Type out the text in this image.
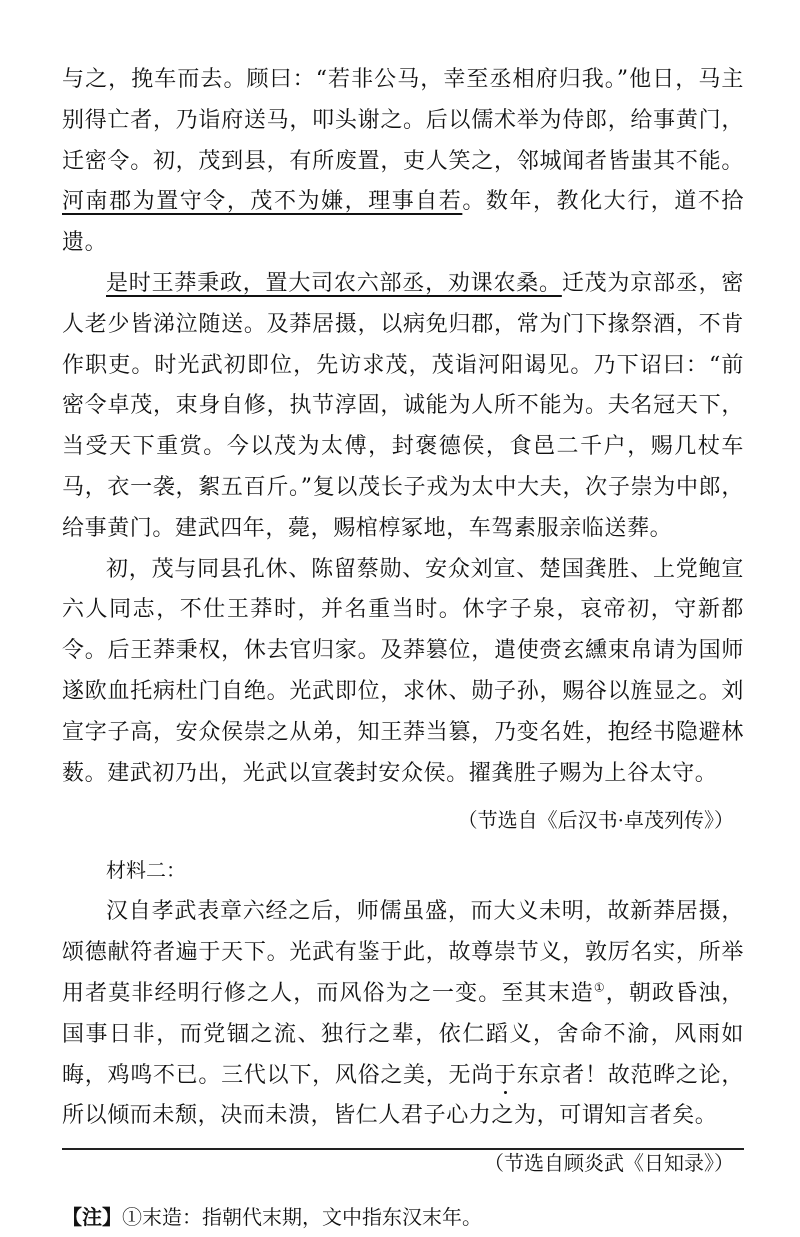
与之，挽车而去。顾曰：“若非公马，幸至丞相府归我。”他日，马主别得亡者，乃诣府送马，叩头谢之。后以儒术举为侍郎，给事黄门，迁密令。初，茂到县，有所废置，吏人笑之，邻城闻者皆蚩其不能。河南郡为置守令，茂不为嫌，理事自若。数年，教化大行，道不拾遗。

是时王莽秉政，置大司农六部丞，劝课农桑。迁茂为京部丞，密人老少皆涕泣随送。及莽居摄，以病免归郡，常为门下掾祭酒，不肯作职吏。时光武初即位，先访求茂，茂诣河阳谒见。乃下诏曰：“前密令卓茂，束身自修，执节淳固，诚能为人所不能为。夫名冠天下，当受天下重赏。今以茂为太傅，封褒德侯，食邑二千户，赐几杖车马，衣一袭，絮五百斤。”复以茂长子戎为太中大夫，次子崇为中郎，给事黄门。建武四年，薨，赐棺椁冢地，车驾素服亲临送葬。

初，茂与同县孔休、陈留蔡勋、安众刘宣、楚国龚胜、上党鲍宣六人同志，不仕王莽时，并名重当时。休字子泉，哀帝初，守新都令。后王莽秉权，休去官归家。及莽篡位，遣使赍玄纁束帛请为国师遂欧血托病杜门自绝。光武即位，求休、勋子孙，赐谷以旌显之。刘宣字子高，安众侯崇之从弟，知王莽当篡，乃变名姓，抱经书隐避林薮。建武初乃出，光武以宣袭封安众侯。擢龚胜子赐为上谷太守。

（节选自《后汉书·卓茂列传》）
材料二：

汉自孝武表章六经之后，师儒虽盛，而大义未明，故新莽居摄，颂德献符者遍于天下。光武有鉴于此，故尊崇节义，敦厉名实，所举用者莫非经明行修之人，而风俗为之一变。至其末造①，朝政昏浊，国事日非，而党锢之流、独行之辈，依仁蹈义，舍命不渝，风雨如晦，鸡鸣不已。三代以下，风俗之美，无尚于东京者！故范晔之论，所以倾而未颓，决而未溃，皆仁人君子心力之为，可谓知言者矣。

（节选自顾炎武《日知录》）

【注】①末造：指朝代末期，文中指东汉末年。
